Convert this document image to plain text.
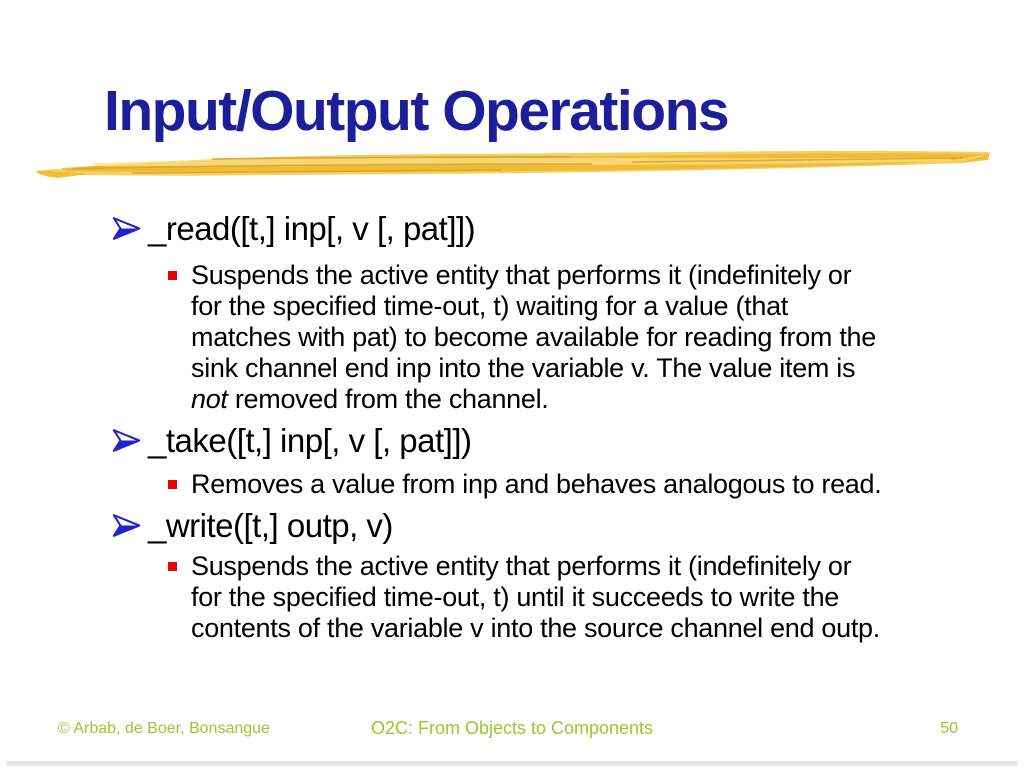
Input/Output Operations
_read([t,] inp[, v [, pat]])
Suspends the active entity that performs it (indefinitely or
for the specified time-out, t) waiting for a value (that
matches with pat) to become available for reading from the
sink channel end inp into the variable v. The value item is
not removed from the channel.
_take([t,] inp[, v [, pat]])
Removes a value from inp and behaves analogous to read.
_write([t,] outp, v)
Suspends the active entity that performs it (indefinitely or
for the specified time-out, t) until it succeeds to write the
contents of the variable v into the source channel end outp.
© Arbab, de Boer, Bonsangue	O2C: From Objects to Components	50
